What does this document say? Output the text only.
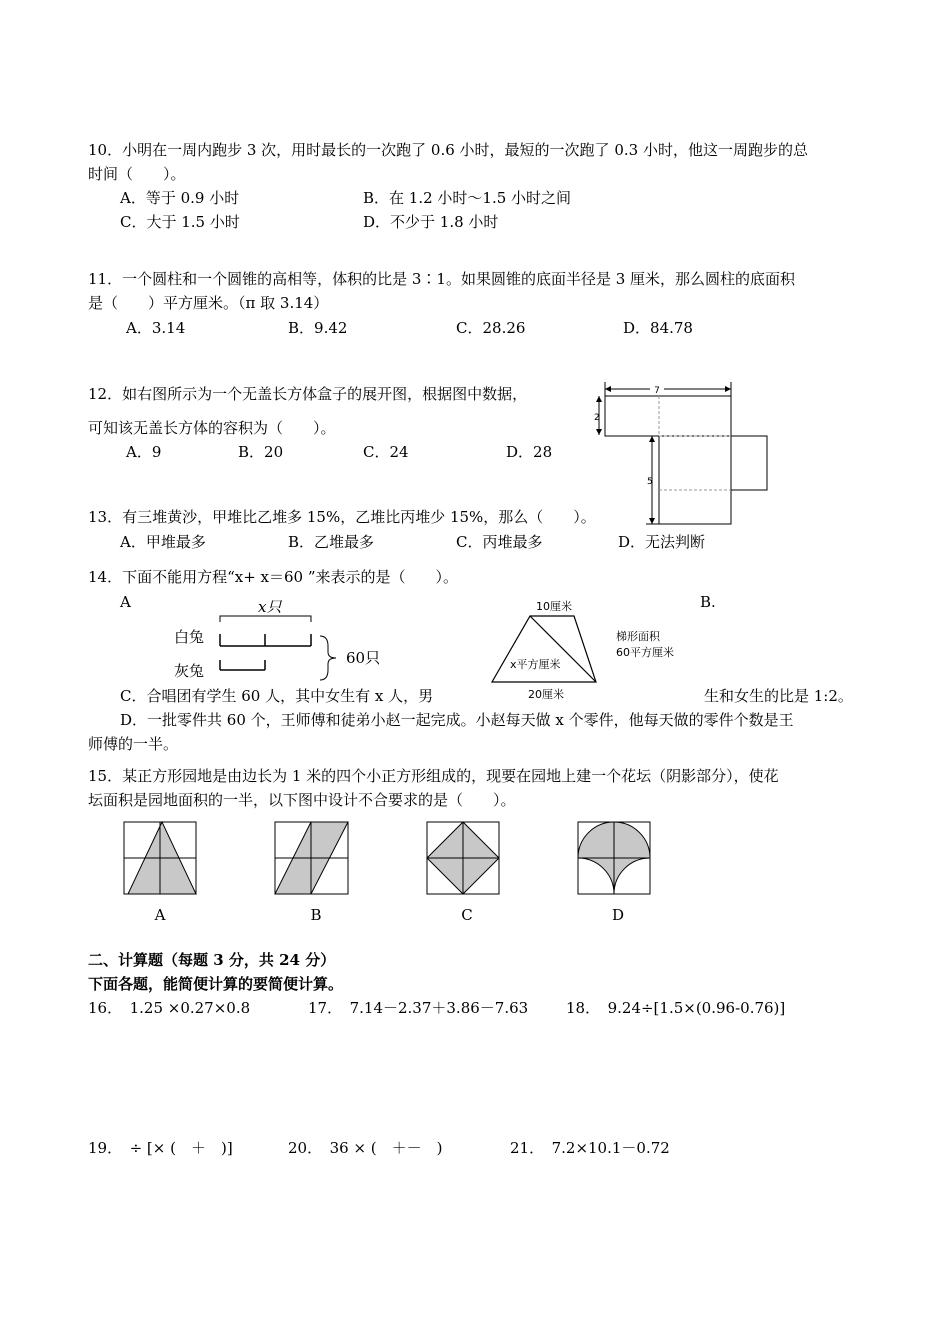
10．小明在一周内跑步 3 次，用时最长的一次跑了 0.6 小时，最短的一次跑了 0.3 小时，他这一周跑步的总
时间（　　）。
A．等于 0.9 小时	B．在 1.2 小时～1.5 小时之间
C．大于 1.5 小时	D．不少于 1.8 小时
11．一个圆柱和一个圆锥的高相等，体积的比是 3∶1。如果圆锥的底面半径是 3 厘米，那么圆柱的底面积
是（　　）平方厘米。（π 取 3.14）
A．3.14	B．9.42	C．28.26	D．84.78
12．如右图所示为一个无盖长方体盒子的展开图，根据图中数据，
可知该无盖长方体的容积为（　　）。
A．9	B．20	C．24	D．28
7
2
5
13．有三堆黄沙，甲堆比乙堆多 15%，乙堆比丙堆少 15%，那么（　　）。
A．甲堆最多	B．乙堆最多	C．丙堆最多	D．无法判断
14．下面不能用方程“x+ x＝60 ”来表示的是（　　）。
A	B.
x只
白兔
灰兔
60只
10厘米
x平方厘米
20厘米
梯形面积
60平方厘米
C．合唱团有学生 60 人，其中女生有 x 人，男	生和女生的比是 1:2。
D．一批零件共 60 个，王师傅和徒弟小赵一起完成。小赵每天做 x 个零件，他每天做的零件个数是王
师傅的一半。
15．某正方形园地是由边长为 1 米的四个小正方形组成的，现要在园地上建一个花坛（阴影部分），使花
坛面积是园地面积的一半，以下图中设计不合要求的是（　　）。
A	B	C	D
二、计算题（每题 3 分，共 24 分）
下面各题，能简便计算的要简便计算。
16．　1.25 ×0.27×0.8	17．　7.14－2.37＋3.86－7.63	18．　9.24÷[1.5×(0.96-0.76)]
19．　÷ [× (　＋　)]	20．　36 × (　＋－　)	21．　7.2×10.1－0.72
